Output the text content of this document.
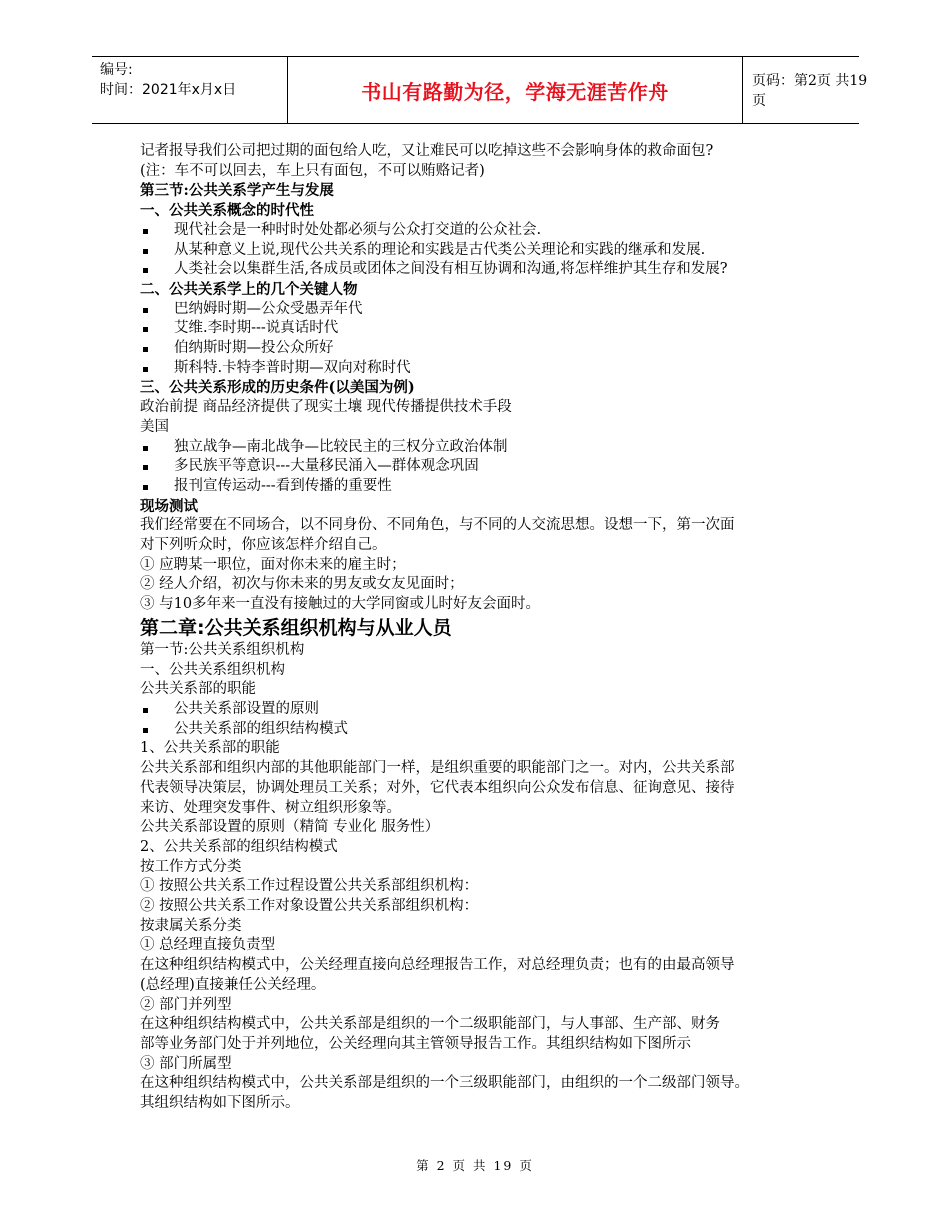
编号:
时间：2021年x月x日	书山有路勤为径，学海无涯苦作舟	页码：第2页 共19页
记者报导我们公司把过期的面包给人吃，又让难民可以吃掉这些不会影响身体的救命面包?
(注：车不可以回去，车上只有面包，不可以贿赂记者)
第三节:公共关系学产生与发展
一、公共关系概念的时代性
现代社会是一种时时处处都必须与公众打交道的公众社会.
从某种意义上说,现代公共关系的理论和实践是古代类公关理论和实践的继承和发展.
人类社会以集群生活,各成员或团体之间没有相互协调和沟通,将怎样维护其生存和发展?
二、公共关系学上的几个关键人物
巴纳姆时期—公众受愚弄年代
艾维.李时期---说真话时代
伯纳斯时期—投公众所好
斯科特.卡特李普时期—双向对称时代
三、公共关系形成的历史条件(以美国为例)
政治前提 商品经济提供了现实土壤 现代传播提供技术手段
美国
独立战争—南北战争—比较民主的三权分立政治体制
多民族平等意识---大量移民涌入—群体观念巩固
报刊宣传运动---看到传播的重要性
现场测试
我们经常要在不同场合，以不同身份、不同角色，与不同的人交流思想。设想一下，第一次面
对下列听众时，你应该怎样介绍自己。
① 应聘某一职位，面对你未来的雇主时；
② 经人介绍，初次与你未来的男友或女友见面时；
③ 与10多年来一直没有接触过的大学同窗或儿时好友会面时。
第二章:公共关系组织机构与从业人员
第一节:公共关系组织机构
一、公共关系组织机构
公共关系部的职能
公共关系部设置的原则
公共关系部的组织结构模式
1、公共关系部的职能
公共关系部和组织内部的其他职能部门一样，是组织重要的职能部门之一。对内，公共关系部
代表领导决策层，协调处理员工关系；对外，它代表本组织向公众发布信息、征询意见、接待
来访、处理突发事件、树立组织形象等。
公共关系部设置的原则（精简 专业化 服务性）
2、公共关系部的组织结构模式
按工作方式分类
① 按照公共关系工作过程设置公共关系部组织机构：
② 按照公共关系工作对象设置公共关系部组织机构：
按隶属关系分类
① 总经理直接负责型
在这种组织结构模式中，公关经理直接向总经理报告工作，对总经理负责；也有的由最高领导
(总经理)直接兼任公关经理。
② 部门并列型
在这种组织结构模式中，公共关系部是组织的一个二级职能部门，与人事部、生产部、财务
部等业务部门处于并列地位，公关经理向其主管领导报告工作。其组织结构如下图所示
③ 部门所属型
在这种组织结构模式中，公共关系部是组织的一个三级职能部门，由组织的一个二级部门领导。
其组织结构如下图所示。
第 2 页 共 19 页
